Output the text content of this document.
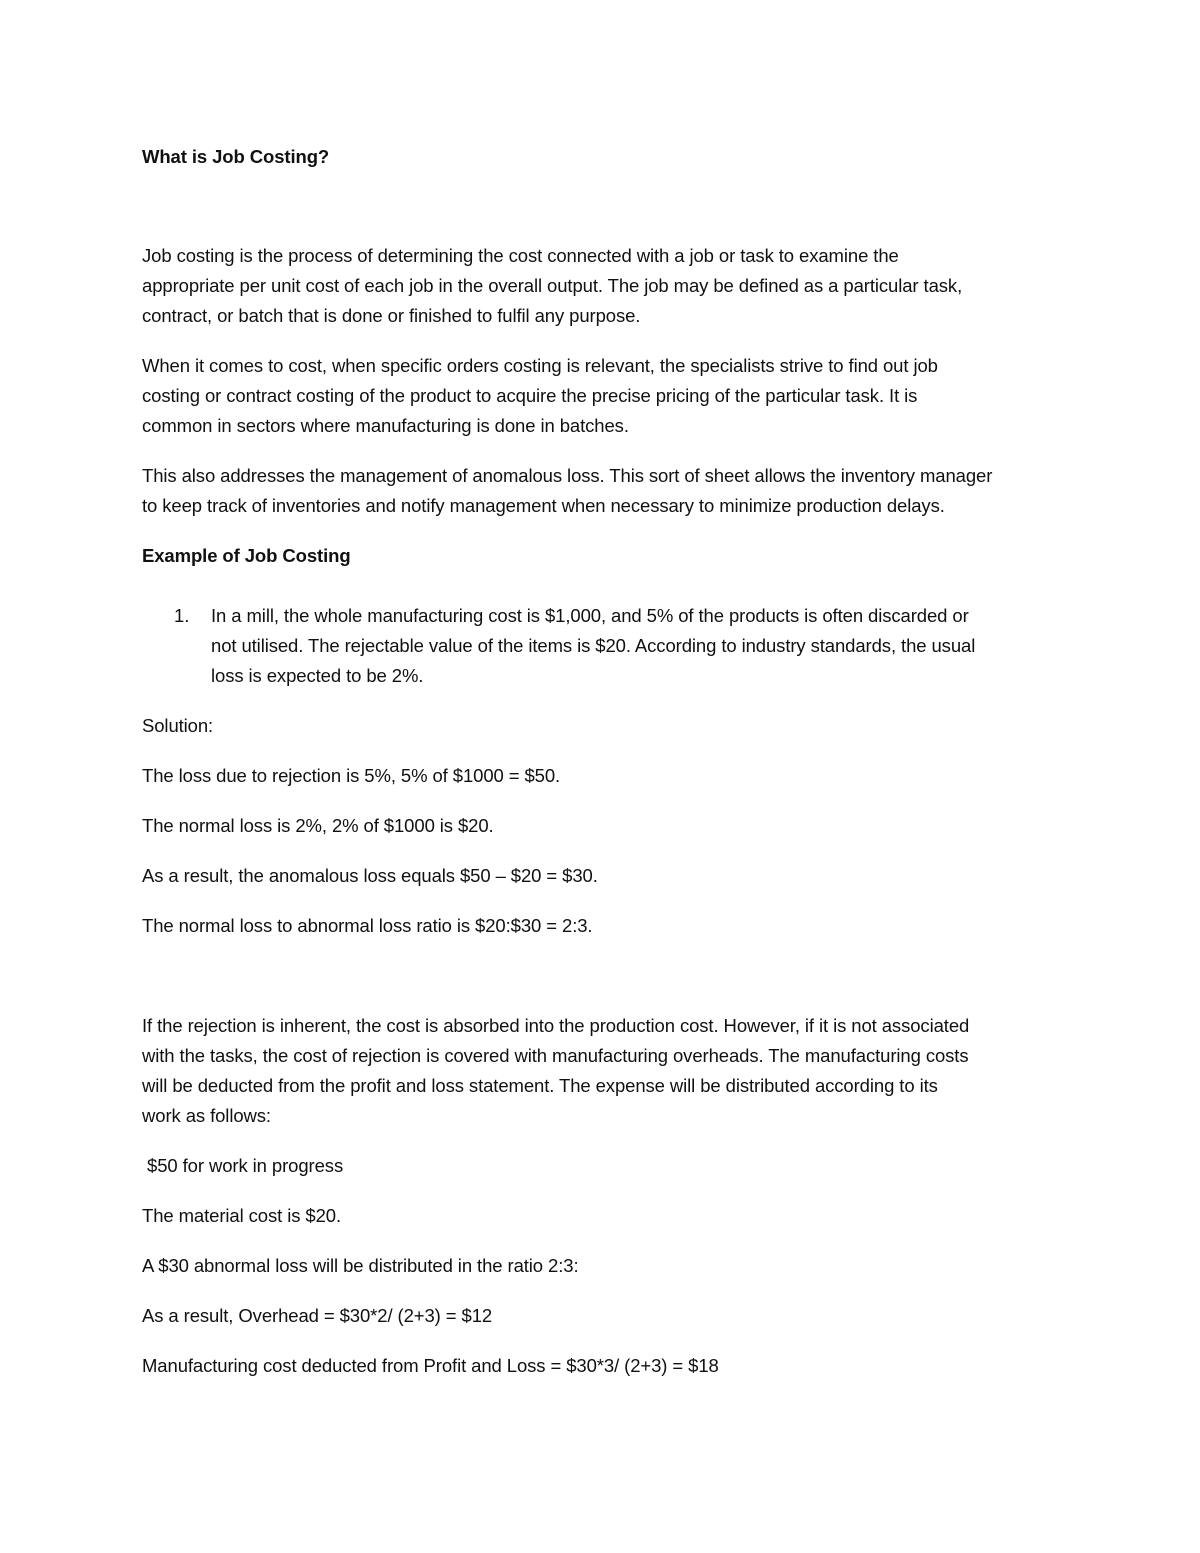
What is Job Costing?
Job costing is the process of determining the cost connected with a job or task to examine the
appropriate per unit cost of each job in the overall output. The job may be defined as a particular task,
contract, or batch that is done or finished to fulfil any purpose.
When it comes to cost, when specific orders costing is relevant, the specialists strive to find out job
costing or contract costing of the product to acquire the precise pricing of the particular task. It is
common in sectors where manufacturing is done in batches.
This also addresses the management of anomalous loss. This sort of sheet allows the inventory manager
to keep track of inventories and notify management when necessary to minimize production delays.
Example of Job Costing
1. In a mill, the whole manufacturing cost is $1,000, and 5% of the products is often discarded or
not utilised. The rejectable value of the items is $20. According to industry standards, the usual
loss is expected to be 2%.
Solution:
The loss due to rejection is 5%, 5% of $1000 = $50.
The normal loss is 2%, 2% of $1000 is $20.
As a result, the anomalous loss equals $50 – $20 = $30.
The normal loss to abnormal loss ratio is $20:$30 = 2:3.
If the rejection is inherent, the cost is absorbed into the production cost. However, if it is not associated
with the tasks, the cost of rejection is covered with manufacturing overheads. The manufacturing costs
will be deducted from the profit and loss statement. The expense will be distributed according to its
work as follows:
$50 for work in progress
The material cost is $20.
A $30 abnormal loss will be distributed in the ratio 2:3:
As a result, Overhead = $30*2/ (2+3) = $12
Manufacturing cost deducted from Profit and Loss = $30*3/ (2+3) = $18
